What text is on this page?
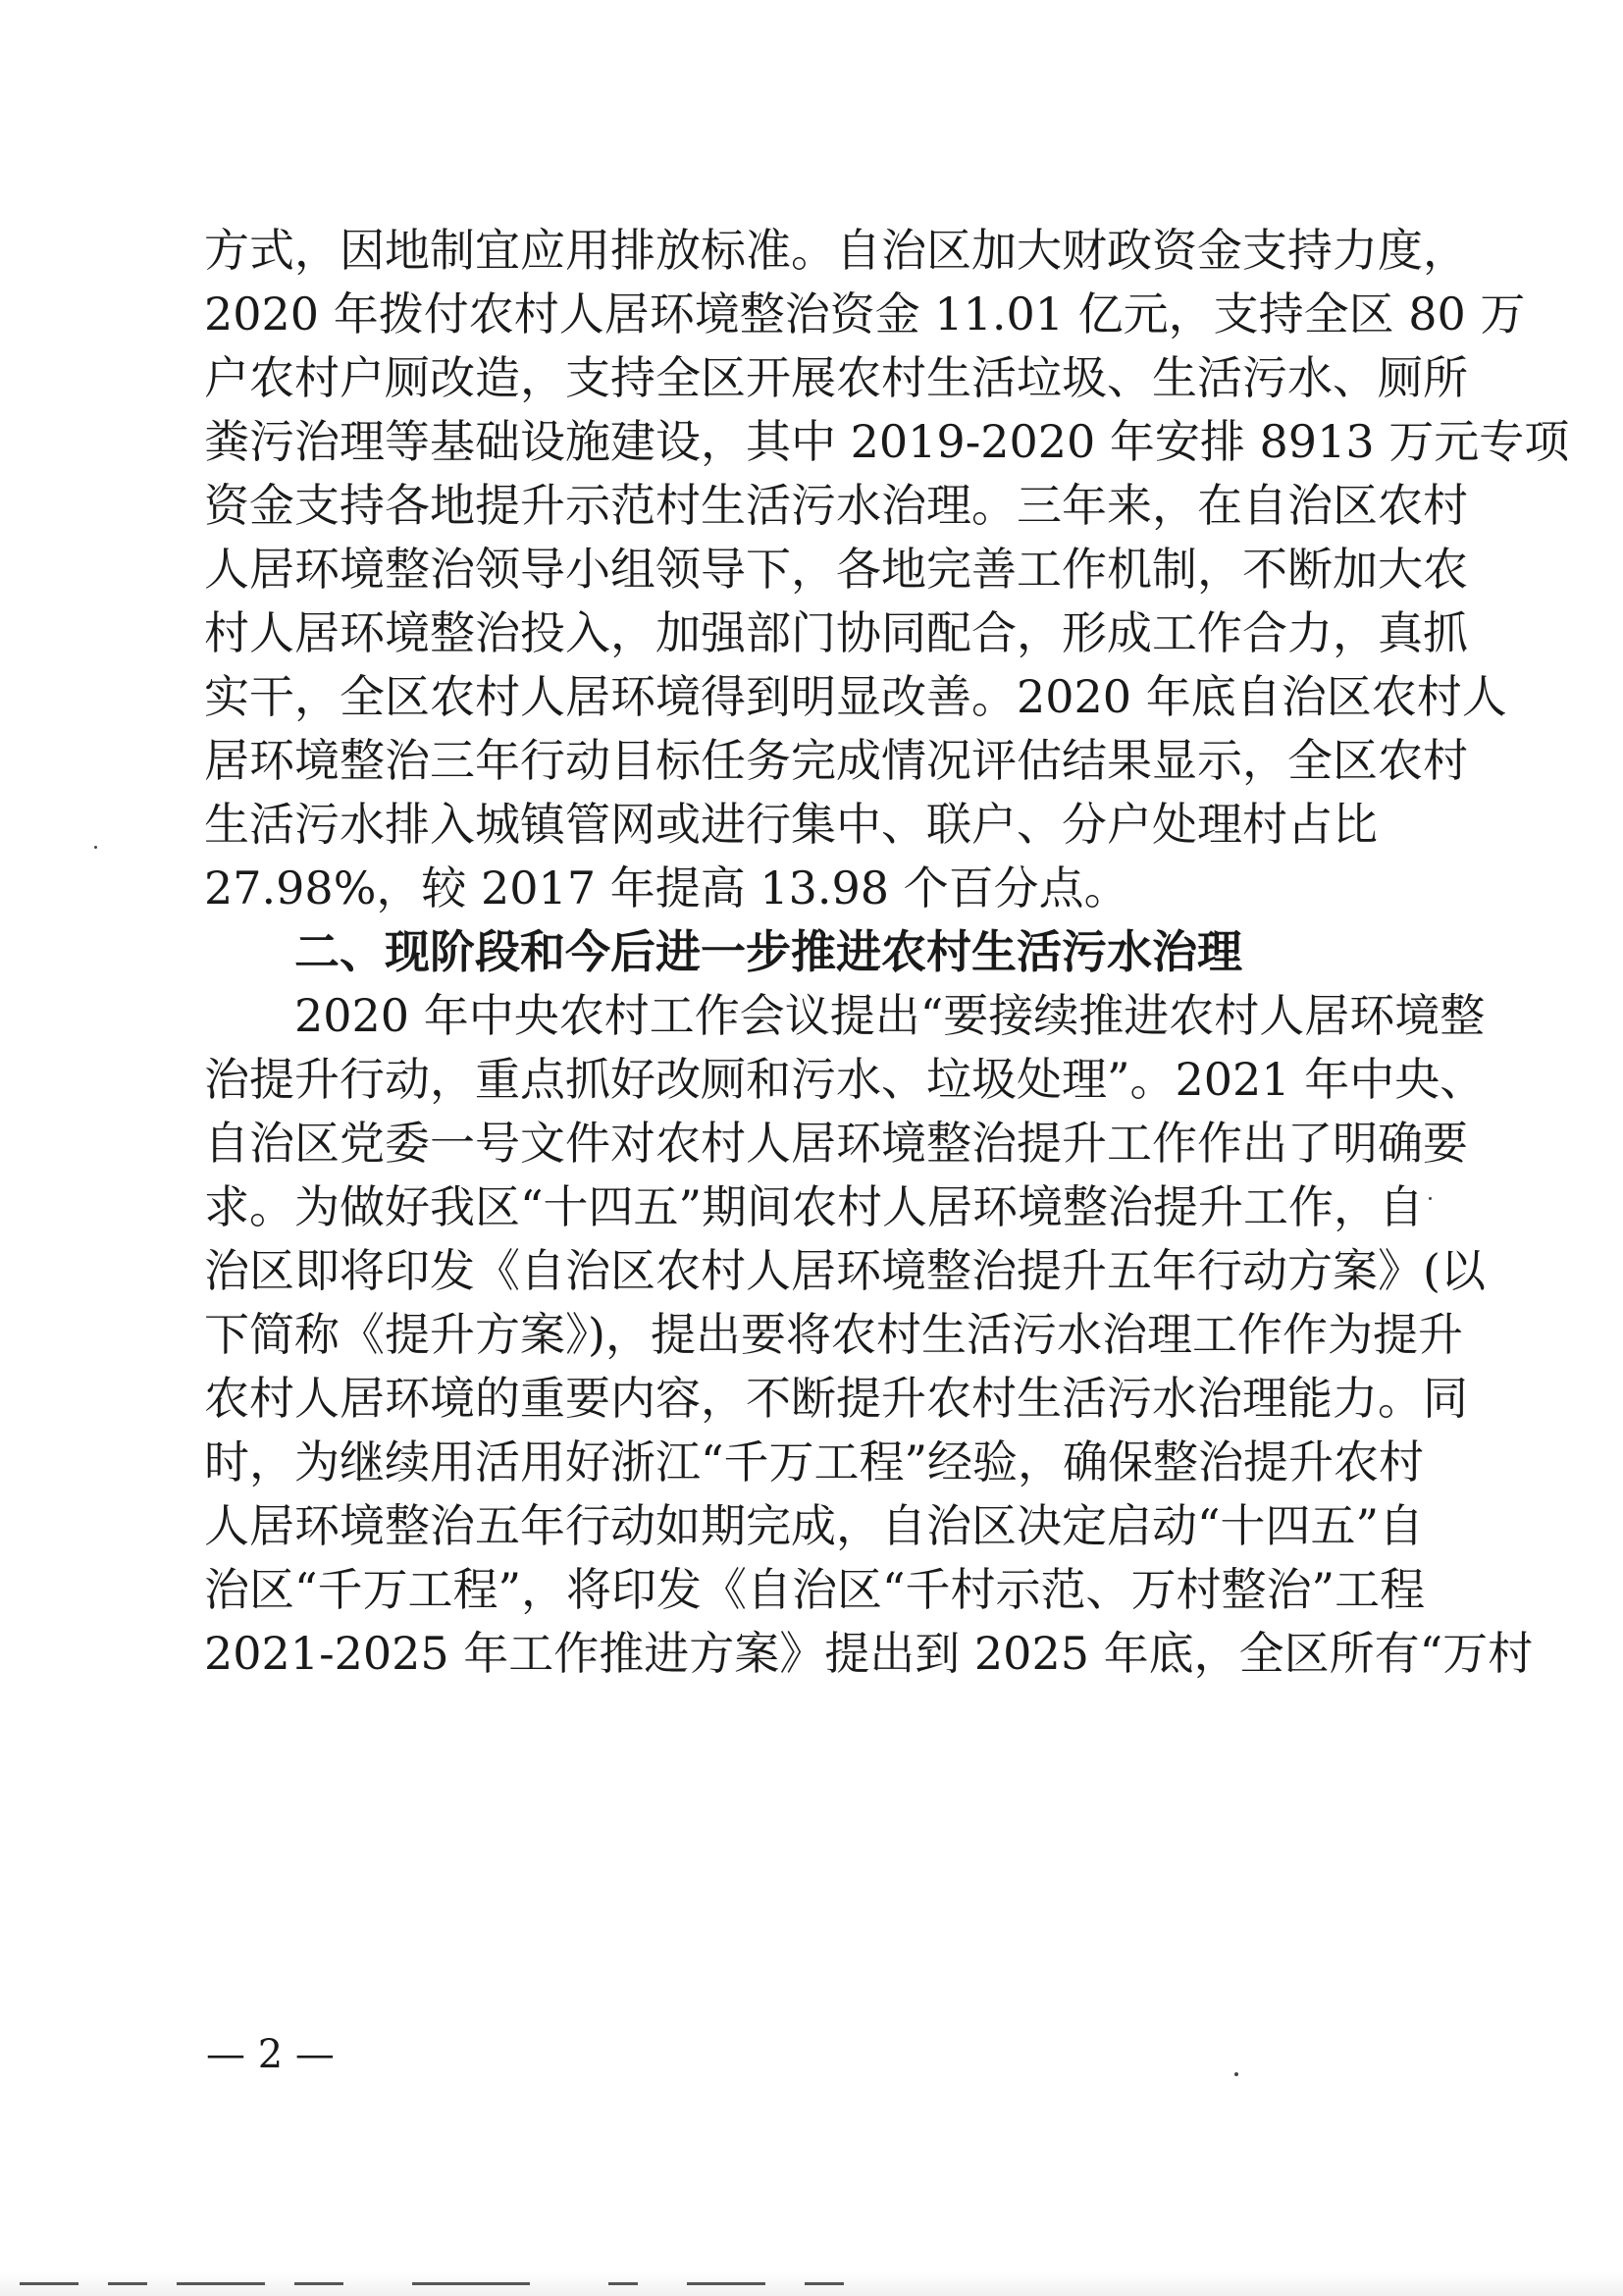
方式，因地制宜应用排放标准。自治区加大财政资金支持力度，
2020 年拨付农村人居环境整治资金 11.01 亿元，支持全区 80 万
户农村户厕改造，支持全区开展农村生活垃圾、生活污水、厕所
粪污治理等基础设施建设，其中 2019-2020 年安排 8913 万元专项
资金支持各地提升示范村生活污水治理。三年来，在自治区农村
人居环境整治领导小组领导下，各地完善工作机制，不断加大农
村人居环境整治投入，加强部门协同配合，形成工作合力，真抓
实干，全区农村人居环境得到明显改善。2020 年底自治区农村人
居环境整治三年行动目标任务完成情况评估结果显示，全区农村
生活污水排入城镇管网或进行集中、联户、分户处理村占比
27.98%，较 2017 年提高 13.98 个百分点。
二、现阶段和今后进一步推进农村生活污水治理
2020 年中央农村工作会议提出“要接续推进农村人居环境整
治提升行动，重点抓好改厕和污水、垃圾处理”。2021 年中央、
自治区党委一号文件对农村人居环境整治提升工作作出了明确要
求。为做好我区“十四五”期间农村人居环境整治提升工作，自
治区即将印发《自治区农村人居环境整治提升五年行动方案》(以
下简称《提升方案》)，提出要将农村生活污水治理工作作为提升
农村人居环境的重要内容，不断提升农村生活污水治理能力。同
时，为继续用活用好浙江“千万工程”经验，确保整治提升农村
人居环境整治五年行动如期完成，自治区决定启动“十四五”自
治区“千万工程”，将印发《自治区“千村示范、万村整治”工程
2021-2025 年工作推进方案》提出到 2025 年底，全区所有“万村
— 2 —
